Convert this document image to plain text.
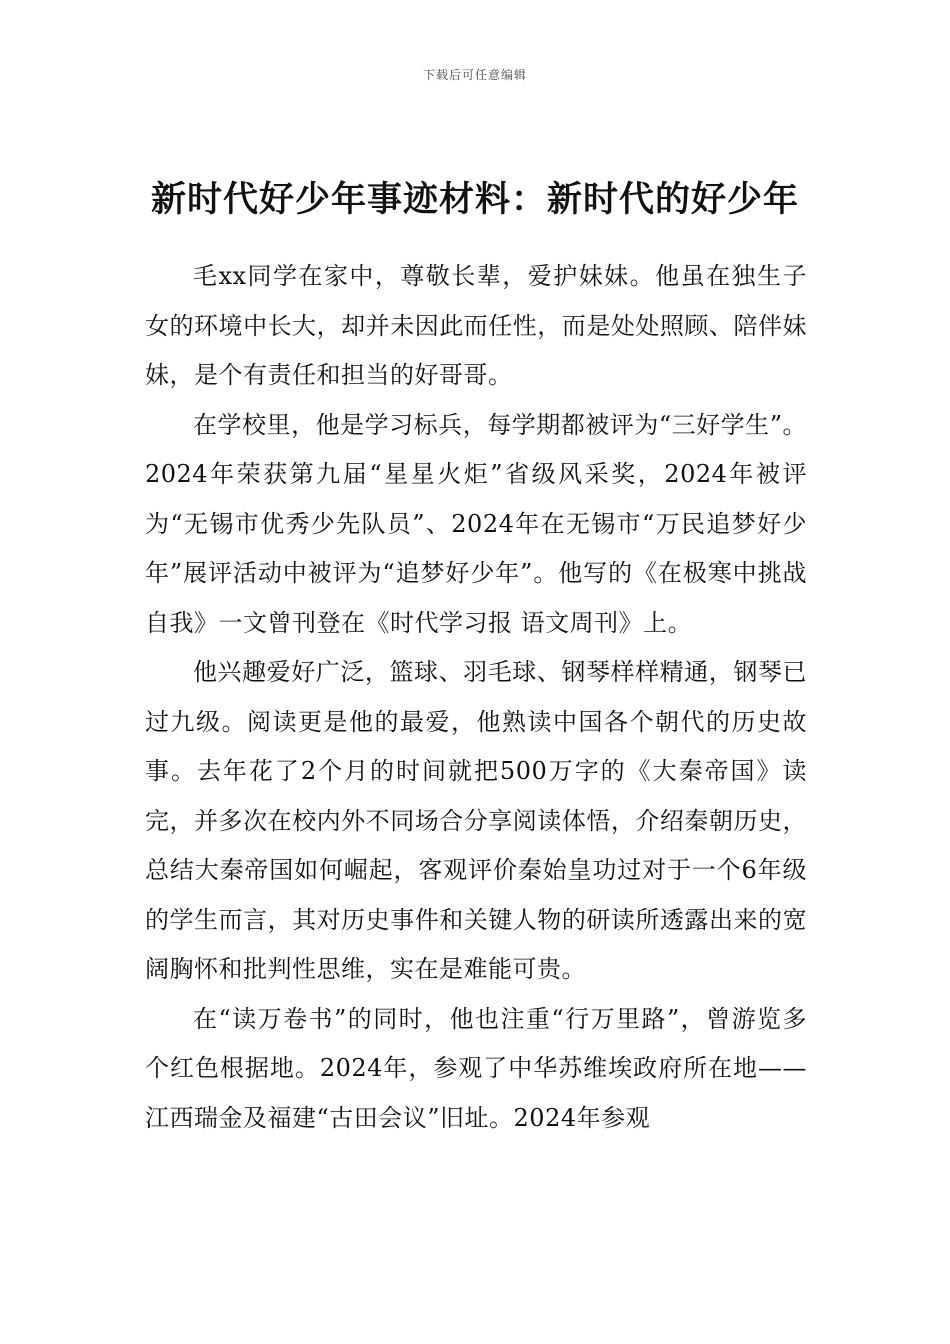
下载后可任意编辑
新时代好少年事迹材料：新时代的好少年

毛xx同学在家中，尊敬长辈，爱护妹妹。他虽在独生子女的环境中长大，却并未因此而任性，而是处处照顾、陪伴妹妹，是个有责任和担当的好哥哥。

在学校里，他是学习标兵，每学期都被评为“三好学生”。2024年荣获第九届“星星火炬”省级风采奖，2024年被评为“无锡市优秀少先队员”、2024年在无锡市“万民追梦好少年”展评活动中被评为“追梦好少年”。他写的《在极寒中挑战自我》一文曾刊登在《时代学习报 语文周刊》上。

他兴趣爱好广泛，篮球、羽毛球、钢琴样样精通，钢琴已过九级。阅读更是他的最爱，他熟读中国各个朝代的历史故事。去年花了2个月的时间就把500万字的《大秦帝国》读完，并多次在校内外不同场合分享阅读体悟，介绍秦朝历史，总结大秦帝国如何崛起，客观评价秦始皇功过对于一个6年级的学生而言，其对历史事件和关键人物的研读所透露出来的宽阔胸怀和批判性思维，实在是难能可贵。

在“读万卷书”的同时，他也注重“行万里路”，曾游览多个红色根据地。2024年，参观了中华苏维埃政府所在地——江西瑞金及福建“古田会议”旧址。2024年参观
